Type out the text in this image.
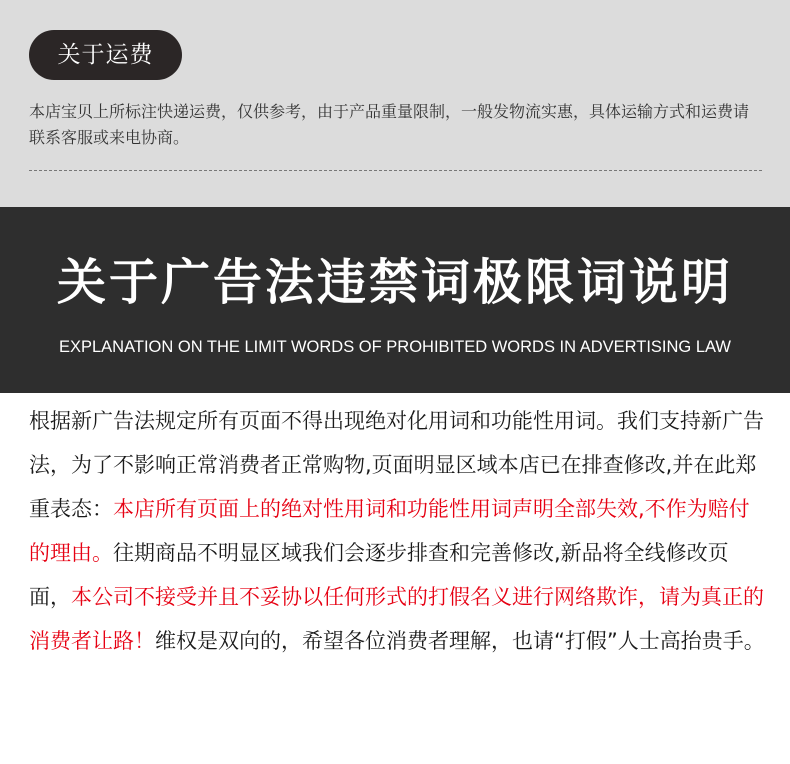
关于运费
本店宝贝上所标注快递运费，仅供参考，由于产品重量限制，一般发物流实惠，具体运输方式和运费请联系客服或来电协商。
关于广告法违禁词极限词说明
EXPLANATION ON THE LIMIT WORDS OF PROHIBITED WORDS IN ADVERTISING LAW
根据新广告法规定所有页面不得出现绝对化用词和功能性用词。我们支持新广告法，为了不影响正常消费者正常购物,页面明显区域本店已在排查修改,并在此郑重表态：本店所有页面上的绝对性用词和功能性用词声明全部失效,不作为赔付的理由。往期商品不明显区域我们会逐步排查和完善修改,新品将全线修改页面，本公司不接受并且不妥协以任何形式的打假名义进行网络欺诈，请为真正的消费者让路！维权是双向的，希望各位消费者理解，也请“打假”人士高抬贵手。
